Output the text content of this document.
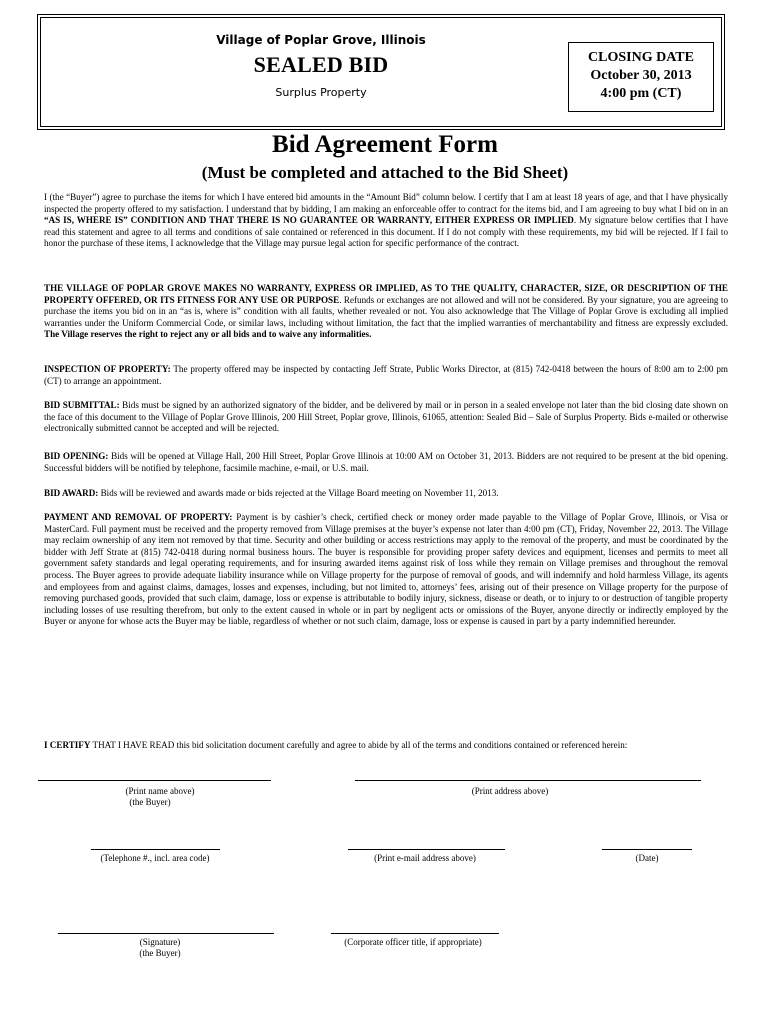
Village of Poplar Grove, Illinois
SEALED BID
Surplus Property
CLOSING DATE
October 30, 2013
4:00 pm (CT)
Bid Agreement Form
(Must be completed and attached to the Bid Sheet)
I (the “Buyer”) agree to purchase the items for which I have entered bid amounts in the “Amount Bid” column below. I certify that I am at least 18 years of age, and that I have physically inspected the property offered to my satisfaction. I understand that by bidding, I am making an enforceable offer to contract for the items bid, and I am agreeing to buy what I bid on in an “AS IS, WHERE IS” CONDITION AND THAT THERE IS NO GUARANTEE OR WARRANTY, EITHER EXPRESS OR IMPLIED. My signature below certifies that I have read this statement and agree to all terms and conditions of sale contained or referenced in this document. If I do not comply with these requirements, my bid will be rejected. If I fail to honor the purchase of these items, I acknowledge that the Village may pursue legal action for specific performance of the contract.
THE VILLAGE OF POPLAR GROVE MAKES NO WARRANTY, EXPRESS OR IMPLIED, AS TO THE QUALITY, CHARACTER, SIZE, OR DESCRIPTION OF THE PROPERTY OFFERED, OR ITS FITNESS FOR ANY USE OR PURPOSE. Refunds or exchanges are not allowed and will not be considered. By your signature, you are agreeing to purchase the items you bid on in an “as is, where is” condition with all faults, whether revealed or not. You also acknowledge that The Village of Poplar Grove is excluding all implied warranties under the Uniform Commercial Code, or similar laws, including without limitation, the fact that the implied warranties of merchantability and fitness are expressly excluded. The Village reserves the right to reject any or all bids and to waive any informalities.
INSPECTION OF PROPERTY: The property offered may be inspected by contacting Jeff Strate, Public Works Director, at (815) 742-0418 between the hours of 8:00 am to 2:00 pm (CT) to arrange an appointment.
BID SUBMITTAL: Bids must be signed by an authorized signatory of the bidder, and be delivered by mail or in person in a sealed envelope not later than the bid closing date shown on the face of this document to the Village of Poplar Grove Illinois, 200 Hill Street, Poplar grove, Illinois, 61065, attention: Sealed Bid – Sale of Surplus Property. Bids e-mailed or otherwise electronically submitted cannot be accepted and will be rejected.
BID OPENING: Bids will be opened at Village Hall, 200 Hill Street, Poplar Grove Illinois at 10:00 AM on October 31, 2013. Bidders are not required to be present at the bid opening. Successful bidders will be notified by telephone, facsimile machine, e-mail, or U.S. mail.
BID AWARD: Bids will be reviewed and awards made or bids rejected at the Village Board meeting on November 11, 2013.
PAYMENT AND REMOVAL OF PROPERTY: Payment is by cashier’s check, certified check or money order made payable to the Village of Poplar Grove, Illinois, or Visa or MasterCard. Full payment must be received and the property removed from Village premises at the buyer’s expense not later than 4:00 pm (CT), Friday, November 22, 2013. The Village may reclaim ownership of any item not removed by that time. Security and other building or access restrictions may apply to the removal of the property, and must be coordinated by the bidder with Jeff Strate at (815) 742-0418 during normal business hours. The buyer is responsible for providing proper safety devices and equipment, licenses and permits to meet all government safety standards and legal operating requirements, and for insuring awarded items against risk of loss while they remain on Village premises and throughout the removal process. The Buyer agrees to provide adequate liability insurance while on Village property for the purpose of removal of goods, and will indemnify and hold harmless Village, its agents and employees from and against claims, damages, losses and expenses, including, but not limited to, attorneys’ fees, arising out of their presence on Village property for the purpose of removing purchased goods, provided that such claim, damage, loss or expense is attributable to bodily injury, sickness, disease or death, or to injury to or destruction of tangible property including losses of use resulting therefrom, but only to the extent caused in whole or in part by negligent acts or omissions of the Buyer, anyone directly or indirectly employed by the Buyer or anyone for whose acts the Buyer may be liable, regardless of whether or not such claim, damage, loss or expense is caused in part by a party indemnified hereunder.
I CERTIFY THAT I HAVE READ this bid solicitation document carefully and agree to abide by all of the terms and conditions contained or referenced herein:
(Print name above)
(the Buyer)
(Print address above)
(Telephone #., incl. area code)	(Print e-mail address above)	(Date)
(Signature)
(the Buyer)
(Corporate officer title, if appropriate)
